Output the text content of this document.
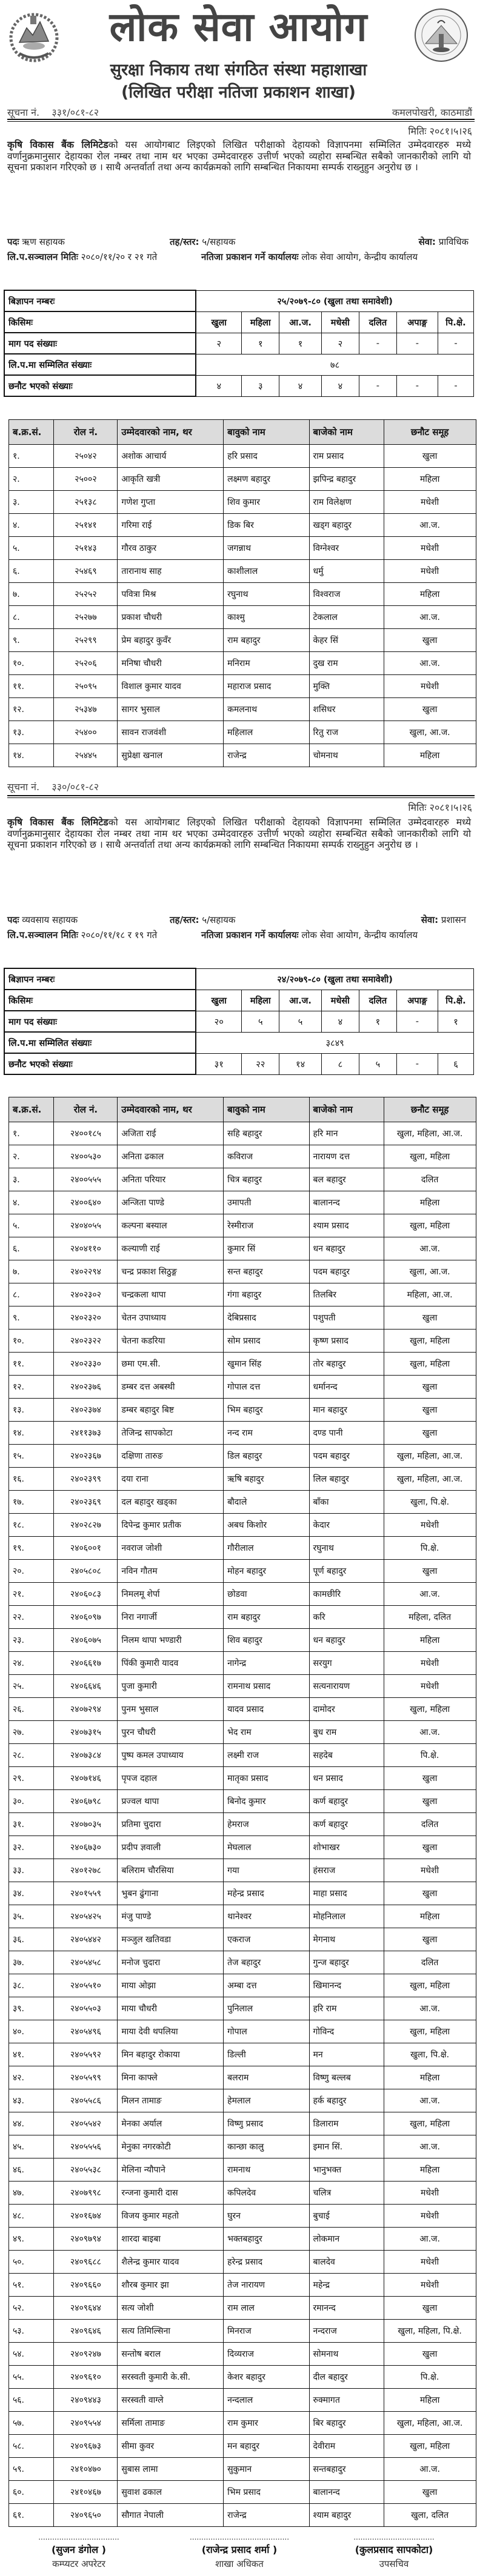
लोक सेवा आयोग
सुरक्षा निकाय तथा संगठित संस्था महाशाखा
(लिखित परीक्षा नतिजा प्रकाशन शाखा)
सूचना नं. ३३१/०८१-८२	कमलपोखरी, काठमाडौं
मितिः २०८१।५।२६
कृषि विकास बैंक लिमिटेडको यस आयोगबाट लिइएको लिखित परीक्षाको देहायको विज्ञापनमा सम्मिलित उम्मेदवारहरु मध्ये वर्णानुक्रमानुसार देहायका रोल नम्बर तथा नाम थर भएका उम्मेदवारहरु उत्तीर्ण भएको व्यहोरा सम्बन्धित सबैको जानकारीको लागि यो सूचना प्रकाशन गरिएको छ । साथै अन्तर्वार्ता तथा अन्य कार्यक्रमको लागि सम्बन्धित निकायमा सम्पर्क राख्नुहुन अनुरोध छ ।
पदः ऋण सहायक	तह/स्तर: ५/सहायक	सेवा: प्राविधिक
लि.प.सञ्चालन मितिः २०८०/११/२० र २१ गते	नतिजा प्रकाशन गर्ने कार्यालयः लोक सेवा आयोग, केन्द्रीय कार्यालय
बिज्ञापन नम्बरः	२५/२०७९-८० (खुला तथा समावेशी)						
किसिमः	खुला	महिला	आ.ज.	मधेसी	दलित	अपाङ्ग	पि.क्षे.
माग पद संख्याः	२	१	१	२	-	-	-
लि.प.मा सम्मिलित संख्याः	७८						
छनौट भएको संख्याः	४	३	४	४	-	-	-
ब.क्र.सं.	रोल नं.	उम्मेदवारको नाम, थर	बावुको नाम	बाजेको नाम	छनौट समूह
१.	२५०४२	अशोक आचार्य	हरि प्रसाद	राम प्रसाद	खुला
२.	२५००२	आकृति खत्री	लक्ष्मण बहादुर	झपिन्द्र बहादुर	महिला
३.	२५१३८	गणेश गुप्ता	शिव कुमार	राम विलेक्षण	मधेशी
४.	२५१४१	गरिमा राई	डिक बिर	खड्ग बहादुर	आ.ज.
५.	२५१४३	गौरव ठाकुर	जगन्नाथ	विग्नेश्वर	मधेशी
६.	२५४६९	तारानाथ साह	काशीलाल	धर्मु	मधेशी
७.	२५२५२	पवित्रा मिश्र	रघुनाथ	विश्वराज	महिला
८.	२५२७७	प्रकाश चौधरी	काश्मु	टेकलाल	आ.ज.
९.	२५२९९	प्रेम बहादुर कुवँर	राम बहादुर	केहर सिं	खुला
१०.	२५२०६	मनिषा चौधरी	मनिराम	दुख राम	आ.ज.
११.	२५०९५	विशाल कुमार यादव	महाराज प्रसाद	मुक्ति	मधेशी
१२.	२५३४७	सागर भुसाल	कमलनाथ	शसिधर	खुला
१३.	२५४००	सावन राजवंशी	महिलाल	रितु राज	खुला, आ.ज.
१४.	२५४४५	सुप्रेक्षा खनाल	राजेन्द्र	चोमनाथ	महिला
सूचना नं. ३३०/०८१-८२
मितिः २०८१।५।२६
कृषि विकास बैंक लिमिटेडको यस आयोगबाट लिइएको लिखित परीक्षाको देहायको विज्ञापनमा सम्मिलित उम्मेदवारहरु मध्ये वर्णानुक्रमानुसार देहायका रोल नम्बर तथा नाम थर भएका उम्मेदवारहरु उत्तीर्ण भएको व्यहोरा सम्बन्धित सबैको जानकारीको लागि यो सूचना प्रकाशन गरिएको छ । साथै अन्तर्वार्ता तथा अन्य कार्यक्रमको लागि सम्बन्धित निकायमा सम्पर्क राख्नुहुन अनुरोध छ ।
पदः व्यवसाय सहायक	तह/स्तर: ५/सहायक	सेवा: प्रशासन
लि.प.सञ्चालन मितिः २०८०/११/१८ र १९ गते	नतिजा प्रकाशन गर्ने कार्यालयः लोक सेवा आयोग, केन्द्रीय कार्यालय
बिज्ञापन नम्बरः	२४/२०७९-८० (खुला तथा समावेशी)						
किसिमः	खुला	महिला	आ.ज.	मधेसी	दलित	अपाङ्ग	पि.क्षे.
माग पद संख्याः	२०	५	५	४	१	-	१
लि.प.मा सम्मिलित संख्याः	३८४९						
छनौट भएको संख्याः	३१	२२	१४	८	५	-	६
ब.क्र.सं.	रोल नं.	उम्मेदवारको नाम, थर	बावुको नाम	बाजेको नाम	छनौट समूह
१.	२४००१८५	अजिता राई	सहि बहादुर	हरि मान	खुला, महिला, आ.ज.
२.	२४००५३०	अनिता ढकाल	कविराज	नारायण दत्त	खुला, महिला
३.	२४००५५५	अनिता परियार	चित्र बहादुर	बल बहादुर	दलित
४.	२४००६४०	अन्जिता पाण्डे	उमापती	बालानन्द	महिला
५.	२४०४०५५	कल्पना बस्याल	रेस्मीराज	श्याम प्रसाद	खुला, महिला
६.	२४०४११०	कल्याणी राई	कुमार सिं	धन बहादुर	आ.ज.
७.	२४०२२९४	चन्द्र प्रकाश सिठुङ्ग	सन्त बहादुर	पदम बहादुर	खुला, आ.ज.
८.	२४०२३०२	चन्द्रकला थापा	गंगा बहादुर	तिलबिर	महिला, आ.ज.
९.	२४०२३२०	चेतन उपाध्याय	देबिप्रसाद	पशुपती	खुला
१०.	२४०२३२२	चेतना कडरिया	सोम प्रसाद	कृष्ण प्रसाद	खुला, महिला
११.	२४०२३३०	छमा एम.सी.	खुमान सिंह	तोर बहादुर	खुला, महिला
१२.	२४०२३७६	डम्बर दत्त अबस्थी	गोपाल दत्त	धर्मानन्द	खुला
१३.	२४०२३७४	डम्बर बहादुर बिष्ट	भिम बहादुर	मान बहादुर	खुला
१४.	२४११३७३	तेजिन्द्र सापकोटा	नन्द राम	दण्ड पानी	खुला
१५.	२४०२३६७	दक्षिणा तारुङ	डिल बहादुर	पदम बहादुर	खुला, महिला, आ.ज.
१६.	२४०२३९९	दया राना	ऋषि बहादुर	लिल बहादुर	खुला, महिला, आ.ज.
१७.	२४०२३६९	दल बहादुर खड्का	बौदाले	बाँका	खुला, पि.क्षे.
१८.	२४०२८२७	दिपेन्द्र कुमार प्रतीक	अबध किशोर	केदार	मधेशी
१९.	२४०६००१	नवराज जोशी	गौरीलाल	रघुनाथ	पि.क्षे.
२०.	२४०५८०८	नविन गौतम	मोहन बहादुर	पूर्ण बहादुर	खुला
२१.	२४०६०८३	निमलमू शेर्पा	छोडवा	कामछीरि	आ.ज.
२२.	२४०६०९७	निरा नगार्जी	राम बहादुर	करि	महिला, दलित
२३.	२४०६०७५	निलम थापा भण्डारी	शिव बहादुर	धन बहादुर	महिला
२४.	२४०६६१७	पिंकी कुमारी यादव	नागेन्द्र	सरयुग	मधेशी
२५.	२४०६६४६	पुजा कुमारी	रामनाथ प्रसाद	सत्यनारायण	मधेशी
२६.	२४०७२९४	पुनम भुसाल	यादव प्रसाद	दामोदर	खुला, महिला
२७.	२४०७३१५	पुरन चौधरी	भेद राम	बुध राम	आ.ज.
२८.	२४०७३८४	पुष्प कमल उपाध्याय	लक्ष्मी राज	सहदेब	पि.क्षे.
२९.	२४०७१४६	पृपज दहाल	मातृका प्रसाद	धन प्रसाद	खुला
३०.	२४०६७९८	प्रज्वल थापा	बिनोद कुमार	कर्ण बहादुर	खुला
३१.	२४०७०३५	प्रतिमा चुदारा	हेमराज	कर्ण बहादुर	दलित
३२.	२४०६७३०	प्रदीप ज्ञवाली	मेघलाल	शोभाखर	खुला
३३.	२४०१२७८	बलिराम चौरसिया	गया	हंसराज	मधेशी
३४.	२४०१५५९	भुबन ढुंगाना	महेन्द्र प्रसाद	माहा प्रसाद	खुला
३५.	२४०५४२५	मंजु पाण्डे	थानेश्वर	मोहनिलाल	महिला
३६.	२४०५४४२	मञ्जुल खतिवडा	एकराज	मेगनाथ	खुला
३७.	२४०५४५८	मनोज चुदारा	तेज बहादुर	गुन्ज बहादुर	दलित
३८.	२४०५५१०	माया ओझा	अम्बा दत्त	खिमानन्द	खुला, महिला
३९.	२४०५५०३	माया चौधरी	पुनिलाल	हरि राम	आ.ज.
४०.	२४०५४९६	माया देवी थपलिया	गोपाल	गोविन्द	खुला, महिला
४१.	२४०५५९२	मिन बहादुर रोकाया	डिल्ली	मन	खुला, पि.क्षे.
४२.	२४०५५९९	मिना काफ्ले	बलराम	विष्णु बल्लब	महिला
४३.	२४०५५८६	मिलन तामाङ	हेमलाल	हर्क बहादुर	आ.ज.
४४.	२४०५५४२	मेनका अर्याल	विष्णु प्रसाद	डिलाराम	खुला, महिला
४५.	२४०५५५६	मेनुका नगरकोटी	कान्छा कालु	इमान सिं.	आ.ज.
४६.	२४०५५३८	मेलिना न्यौपाने	रामनाथ	भानुभक्त	महिला
४७.	२४०७९९८	रन्जना कुमारी दास	कपिलदेव	चलित्र	मधेशी
४८.	२४०१६७४	विजय कुमार महतो	घुरन	बुचाई	मधेशी
४९.	२४०९७९४	शारदा बाइबा	भक्तबहादुर	लोकमान	आ.ज.
५०.	२४०९६८८	शैलेन्द्र कुमार यादव	हरेन्द्र प्रसाद	बालदेव	मधेशी
५१.	२४०९६६०	शौरब कुमार झा	तेज नारायण	महेन्द्र	मधेशी
५२.	२४०९६४४	सत्य जोशी	राम लाल	रमानन्द	खुला
५३.	२४०९६४६	सत्य तिमिल्सिना	मिनराज	नन्दराज	खुला, महिला, पि.क्षे.
५४.	२४०९२४७	सन्तोष बराल	दिव्यराज	सोमनाथ	खुला
५५.	२४०९६१०	सरस्वती कुमारी के.सी.	केशर बहादुर	दील बहादुर	पि.क्षे.
५६.	२४०९४४३	सरस्वती वाग्ले	नन्दलाल	रुक्मागत	महिला
५७.	२४०९५५४	सर्मिला तामाङ	राम कुमार	बिर बहादुर	खुला, महिला, आ.ज.
५८.	२४०९६७३	सीमा कुवर	मन बहादुर	देवीराम	खुला, महिला
५९.	२४१०४७०	सुबास लामा	सुकुमान	सन्तबहादुर	आ.ज.
६०.	२४१०४६७	सुवाश ढकाल	भिम प्रसाद	बालानन्द	खुला
६१.	२४०९६५०	सौगात नेपाली	राजेन्द्र	श्याम बहादुर	खुला, दलित
...................................
(सुजन डंगोल )
कम्प्यटर अपरेटर
...........................................
(राजेन्द्र प्रसाद शर्मा )
शाखा अधिकत
...................................
(कुलप्रसाद सापकोटा)
उपसचिव
